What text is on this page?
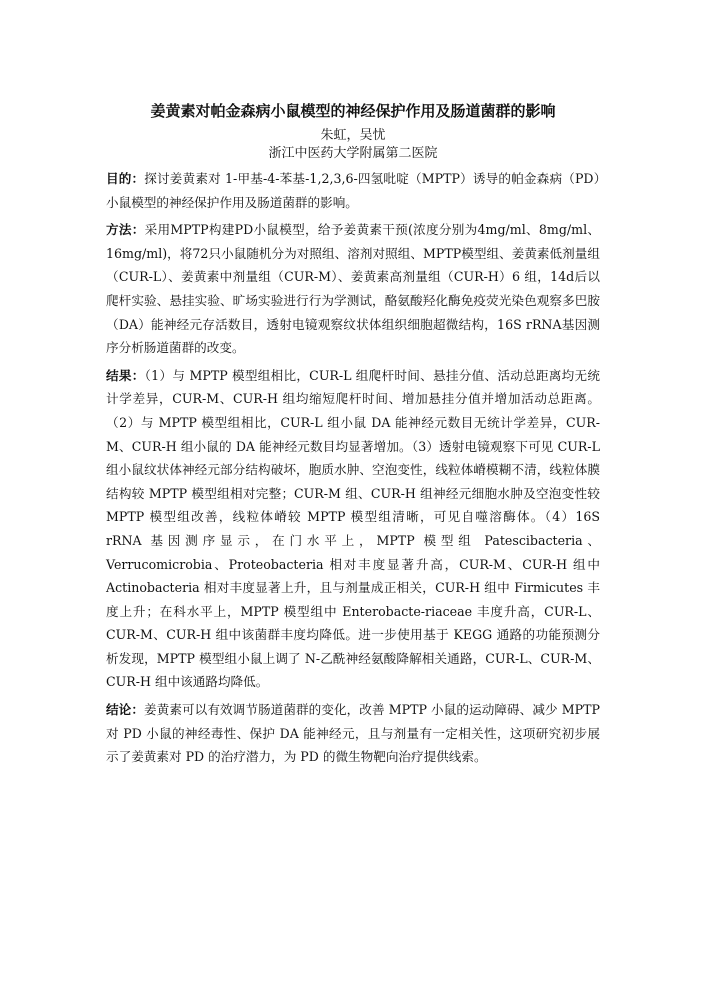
姜黄素对帕金森病小鼠模型的神经保护作用及肠道菌群的影响

朱虹，吴忧

浙江中医药大学附属第二医院

目的：探讨姜黄素对 1-甲基-4-苯基-1,2,3,6-四氢吡啶（MPTP）诱导的帕金森病（PD）小鼠模型的神经保护作用及肠道菌群的影响。

方法：采用MPTP构建PD小鼠模型，给予姜黄素干预(浓度分别为4mg/ml、8mg/ml、16mg/ml)，将72只小鼠随机分为对照组、溶剂对照组、MPTP模型组、姜黄素低剂量组（CUR-L）、姜黄素中剂量组（CUR-M）、姜黄素高剂量组（CUR-H）6 组，14d后以爬杆实验、悬挂实验、旷场实验进行行为学测试，酪氨酸羟化酶免疫荧光染色观察多巴胺（DA）能神经元存活数目，透射电镜观察纹状体组织细胞超微结构，16S rRNA基因测序分析肠道菌群的改变。

结果：（1）与 MPTP 模型组相比，CUR-L 组爬杆时间、悬挂分值、活动总距离均无统计学差异，CUR-M、CUR-H 组均缩短爬杆时间、增加悬挂分值并增加活动总距离。（2）与 MPTP 模型组相比，CUR-L 组小鼠 DA 能神经元数目无统计学差异，CUR-M、CUR-H 组小鼠的 DA 能神经元数目均显著增加。（3）透射电镜观察下可见 CUR-L 组小鼠纹状体神经元部分结构破坏，胞质水肿、空泡变性，线粒体嵴模糊不清，线粒体膜结构较 MPTP 模型组相对完整；CUR-M 组、CUR-H 组神经元细胞水肿及空泡变性较 MPTP 模型组改善，线粒体嵴较 MPTP 模型组清晰，可见自噬溶酶体。（4）16S rRNA 基因测序显示，在门水平上，MPTP 模型组 Patescibacteria、Verrucomicrobia、Proteobacteria 相对丰度显著升高，CUR-M、CUR-H 组中 Actinobacteria 相对丰度显著上升，且与剂量成正相关，CUR-H 组中 Firmicutes 丰度上升；在科水平上，MPTP 模型组中 Enterobacte-riaceae 丰度升高，CUR-L、CUR-M、CUR-H 组中该菌群丰度均降低。进一步使用基于 KEGG 通路的功能预测分析发现，MPTP 模型组小鼠上调了 N-乙酰神经氨酸降解相关通路，CUR-L、CUR-M、CUR-H 组中该通路均降低。

结论：姜黄素可以有效调节肠道菌群的变化，改善 MPTP 小鼠的运动障碍、减少 MPTP 对 PD 小鼠的神经毒性、保护 DA 能神经元，且与剂量有一定相关性，这项研究初步展示了姜黄素对 PD 的治疗潜力，为 PD 的微生物靶向治疗提供线索。
